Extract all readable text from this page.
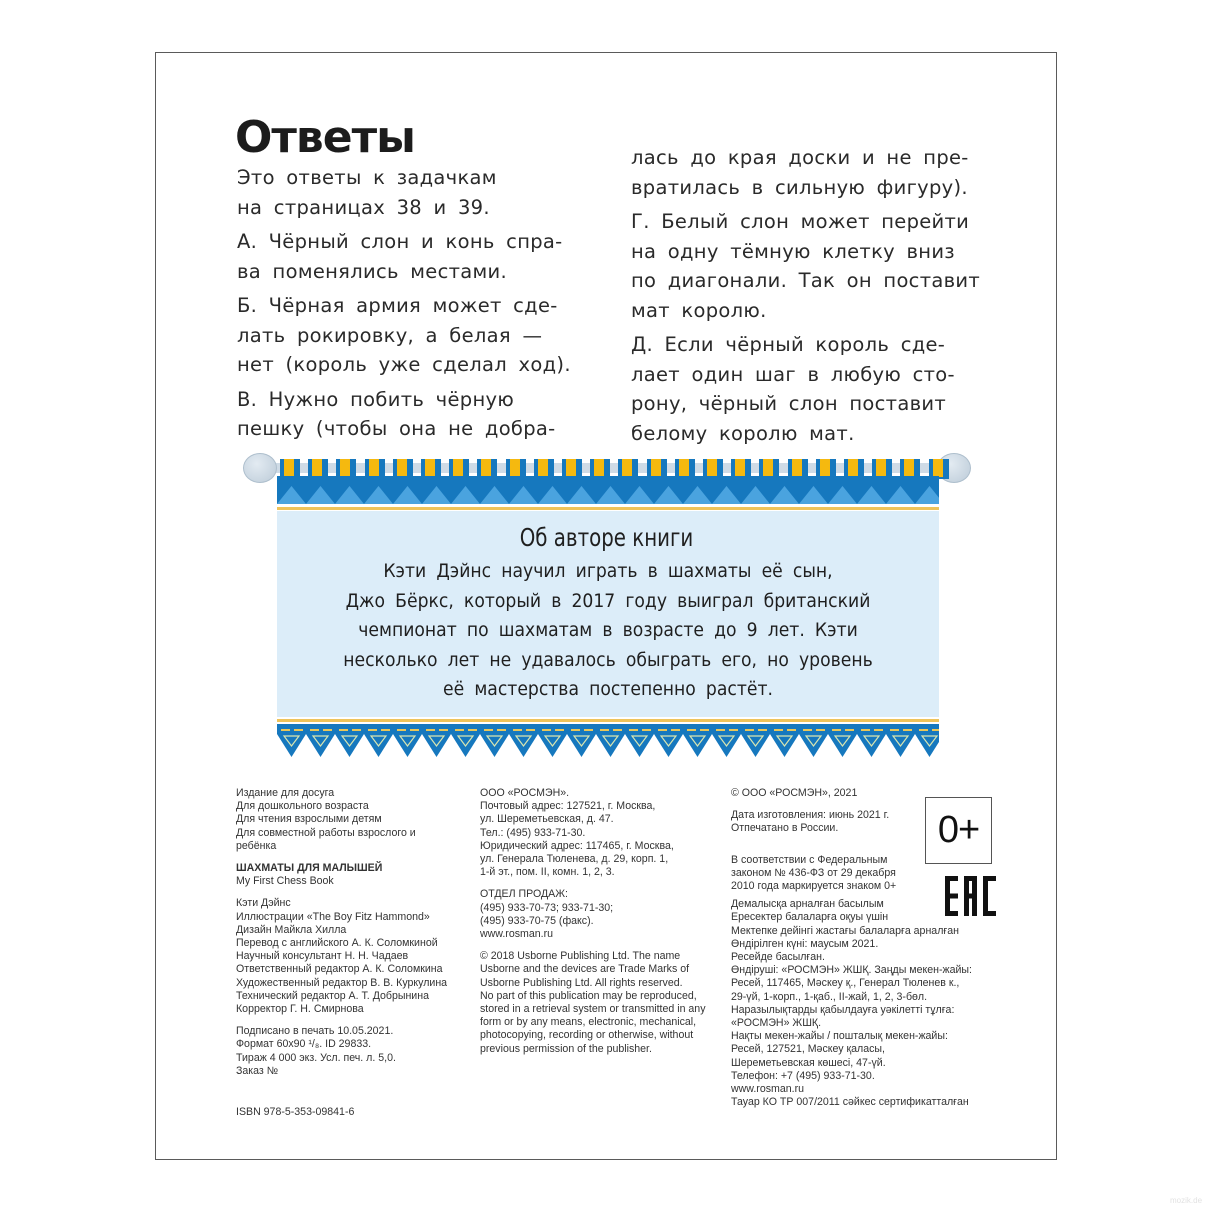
Ответы

Это ответы к задачкам

на страницах 38 и 39.

А. Чёрный слон и конь спра-

ва поменялись местами.

Б. Чёрная армия может сде-

лать рокировку, а белая —

нет (король уже сделал ход).

В. Нужно побить чёрную

пешку (чтобы она не добра-

лась до края доски и не пре-

вратилась в сильную фигуру).

Г. Белый слон может перейти

на одну тёмную клетку вниз

по диагонали. Так он поставит

мат королю.

Д. Если чёрный король сде-

лает один шаг в любую сто-

рону, чёрный слон поставит

белому королю мат.

Об авторе книги
Кэти Дэйнс научил играть в шахматы её сын,
Джо Бёркс, который в 2017 году выиграл британский
чемпионат по шахматам в возрасте до 9 лет. Кэти
несколько лет не удавалось обыграть его, но уровень
её мастерства постепенно растёт.
Издание для досуга
Для дошкольного возраста
Для чтения взрослыми детям
Для совместной работы взрослого и
ребёнка
ШАХМАТЫ ДЛЯ МАЛЫШЕЙ
My First Chess Book
Кэти Дэйнс
Иллюстрации «The Boy Fitz Hammond»
Дизайн Майкла Хилла
Перевод с английского А. К. Соломкиной
Научный консультант Н. Н. Чадаев
Ответственный редактор А. К. Соломкина
Художественный редактор В. В. Куркулина
Технический редактор А. Т. Добрынина
Корректор Г. Н. Смирнова
Подписано в печать 10.05.2021.
Формат 60x90 ¹/₈. ID 29833.
Тираж 4 000 экз. Усл. печ. л. 5,0.
Заказ №
ISBN 978-5-353-09841-6
ООО «РОСМЭН».
Почтовый адрес: 127521, г. Москва,
ул. Шереметьевская, д. 47.
Тел.: (495) 933-71-30.
Юридический адрес: 117465, г. Москва,
ул. Генерала Тюленева, д. 29, корп. 1,
1-й эт., пом. II, комн. 1, 2, 3.
ОТДЕЛ ПРОДАЖ:
(495) 933-70-73; 933-71-30;
(495) 933-70-75 (факс).
www.rosman.ru
© 2018 Usborne Publishing Ltd. The name
Usborne and the devices are Trade Marks of
Usborne Publishing Ltd. All rights reserved.
No part of this publication may be reproduced,
stored in a retrieval system or transmitted in any
form or by any means, electronic, mechanical,
photocopying, recording or otherwise, without
previous permission of the publisher.
© ООО «РОСМЭН», 2021
Дата изготовления: июнь 2021 г.
Отпечатано в России.
В соответствии с Федеральным
законом № 436-ФЗ от 29 декабря
2010 года маркируется знаком 0+
Демалысқа арналған басылым
Ересектер балаларға оқуы үшін
Мектепке дейінгі жастағы балаларға арналған
Өндірілген күні: маусым 2021.
Ресейде басылған.
Өндіруші: «РОСМЭН» ЖШҚ. Заңды мекен-жайы:
Ресей, 117465, Мәскеу қ., Генерал Тюленев к.,
29-үй, 1-корп., 1-қаб., II-жай, 1, 2, 3-бөл.
Наразылықтарды қабылдауға уәкілетті тұлға:
«РОСМЭН» ЖШҚ.
Нақты мекен-жайы / пошталық мекен-жайы:
Ресей, 127521, Мәскеу қаласы,
Шереметьевская көшесі, 47-үй.
Телефон: +7 (495) 933-71-30.
www.rosman.ru
Тауар КО ТР 007/2011 сәйкес сертификатталған
0+
mozik.de
